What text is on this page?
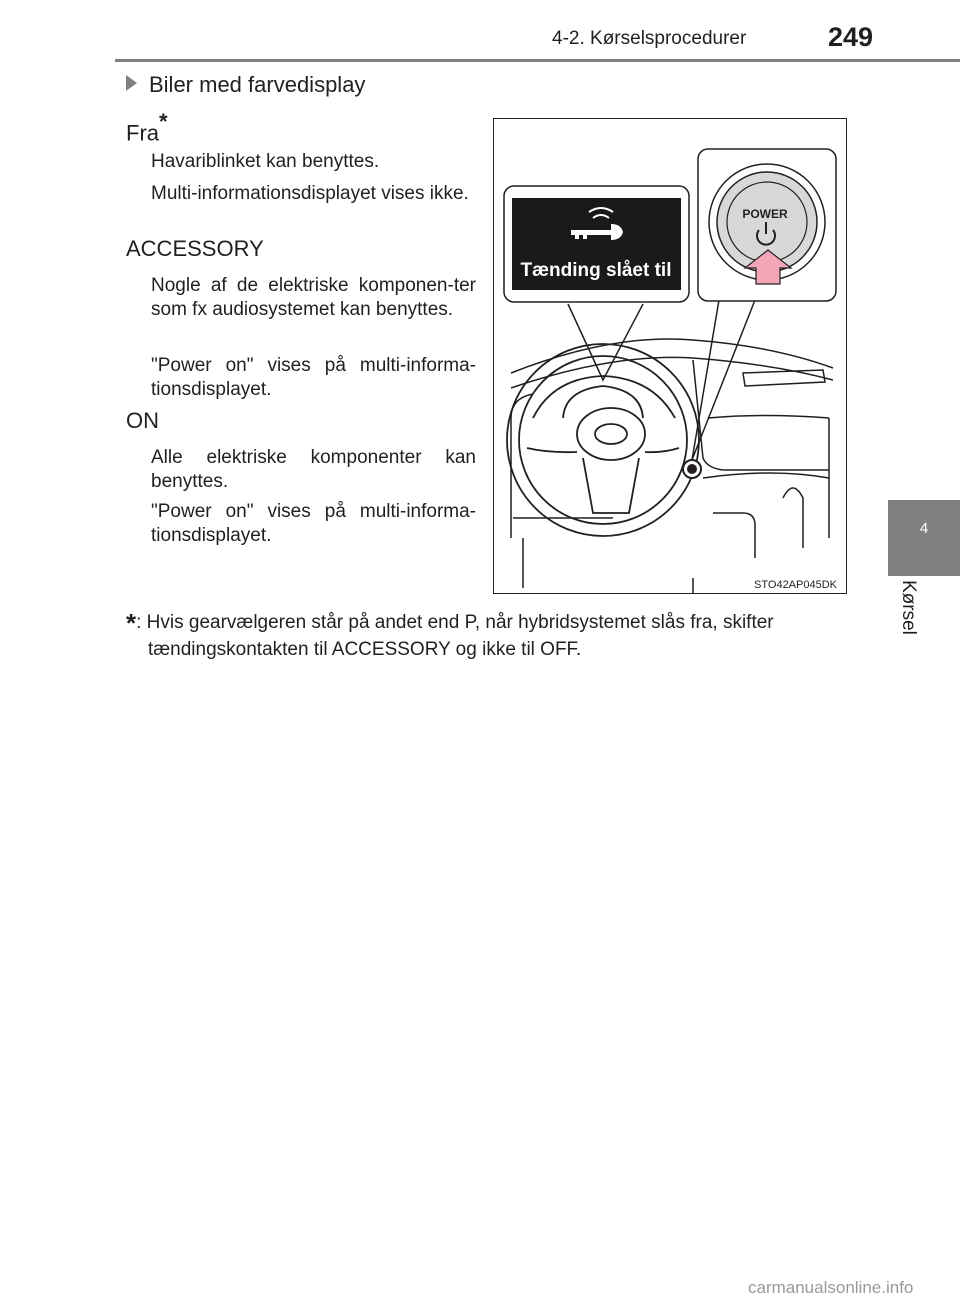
4-2. Kørselsprocedurer	249
4
Kørsel
Biler med farvedisplay
Fra*
Havariblinket kan benyttes.
Multi-informationsdisplayet vises ikke.
ACCESSORY
Nogle af de elektriske komponen-ter som fx audiosystemet kan benyttes.
"Power on" vises på multi-informa-tionsdisplayet.
ON
Alle elektriske komponenter kan benyttes.
"Power on" vises på multi-informa-tionsdisplayet.
Tænding slået til
POWER
STO42AP045DK
*: Hvis gearvælgeren står på andet end P, når hybridsystemet slås fra, skifter
tændingskontakten til ACCESSORY og ikke til OFF.
carmanualsonline.info
